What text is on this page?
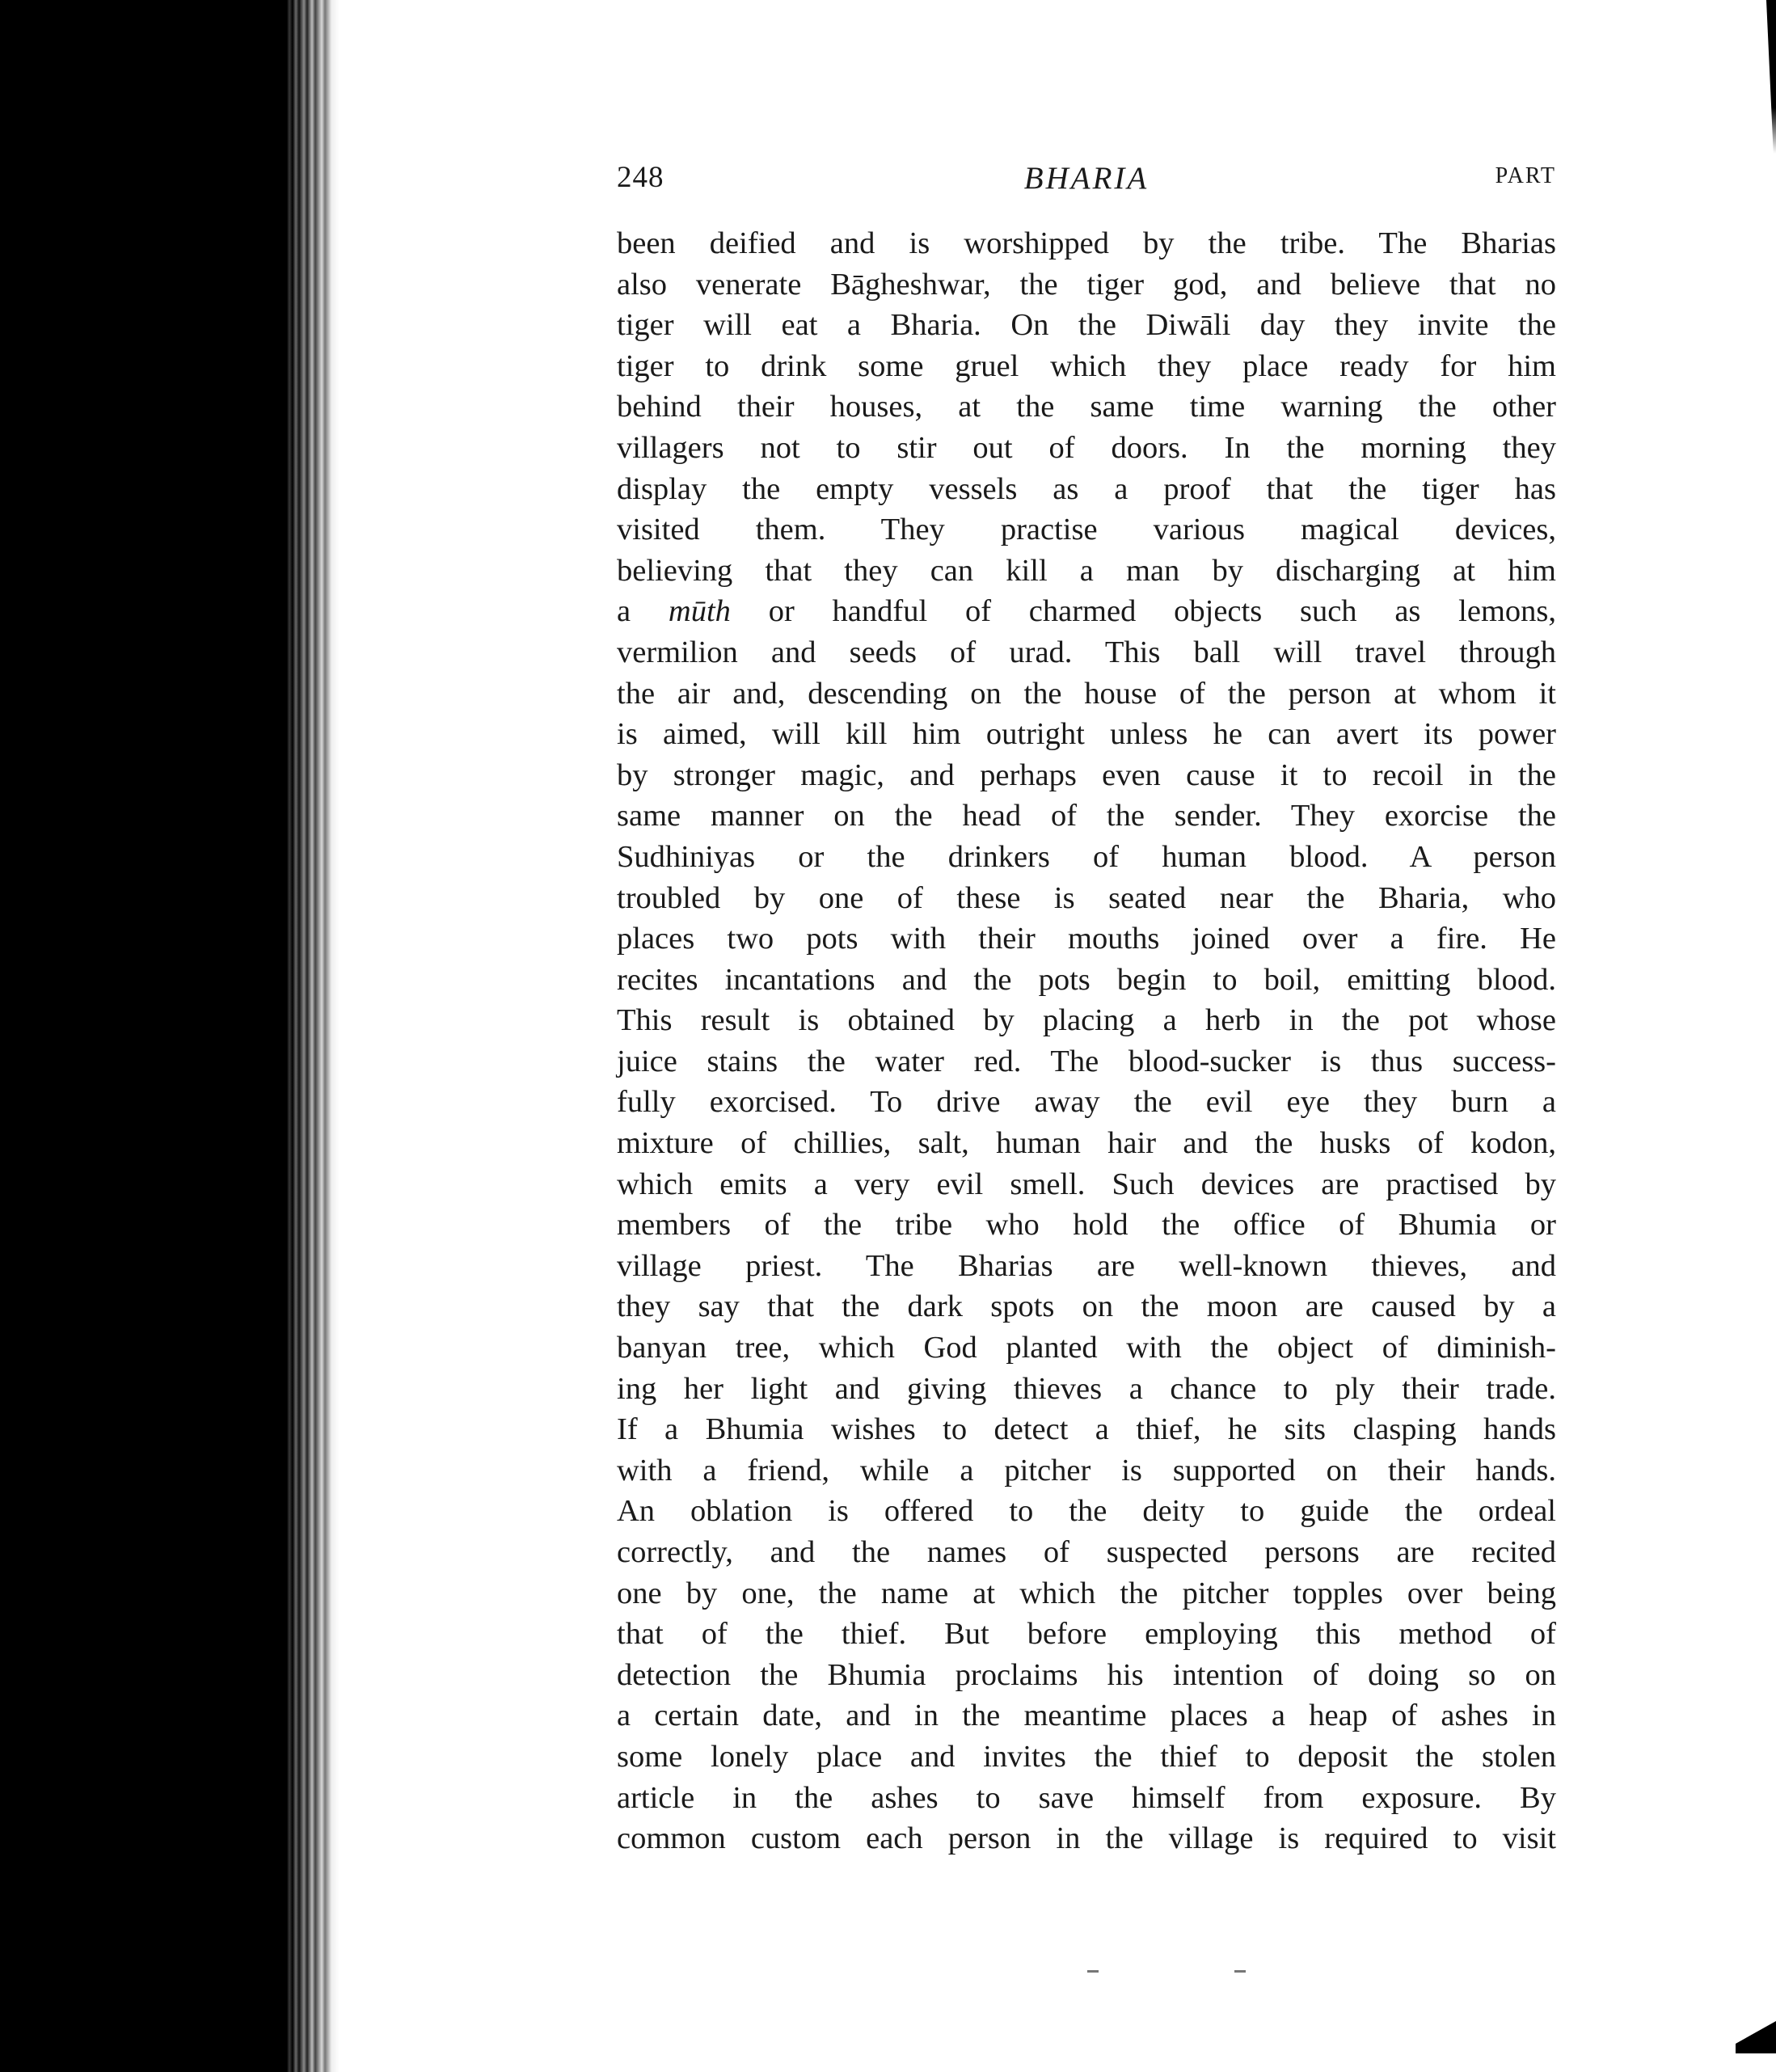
248	BHARIA	PART
been deified and is worshipped by the tribe. The Bharias
also venerate Bāgheshwar, the tiger god, and believe that no
tiger will eat a Bharia. On the Diwāli day they invite the
tiger to drink some gruel which they place ready for him
behind their houses, at the same time warning the other
villagers not to stir out of doors. In the morning they
display the empty vessels as a proof that the tiger has
visited them. They practise various magical devices,
believing that they can kill a man by discharging at him
a mūth or handful of charmed objects such as lemons,
vermilion and seeds of urad. This ball will travel through
the air and, descending on the house of the person at whom it
is aimed, will kill him outright unless he can avert its power
by stronger magic, and perhaps even cause it to recoil in the
same manner on the head of the sender. They exorcise the
Sudhiniyas or the drinkers of human blood. A person
troubled by one of these is seated near the Bharia, who
places two pots with their mouths joined over a fire. He
recites incantations and the pots begin to boil, emitting blood.
This result is obtained by placing a herb in the pot whose
juice stains the water red. The blood-sucker is thus success-
fully exorcised. To drive away the evil eye they burn a
mixture of chillies, salt, human hair and the husks of kodon,
which emits a very evil smell. Such devices are practised by
members of the tribe who hold the office of Bhumia or
village priest. The Bharias are well-known thieves, and
they say that the dark spots on the moon are caused by a
banyan tree, which God planted with the object of diminish-
ing her light and giving thieves a chance to ply their trade.
If a Bhumia wishes to detect a thief, he sits clasping hands
with a friend, while a pitcher is supported on their hands.
An oblation is offered to the deity to guide the ordeal
correctly, and the names of suspected persons are recited
one by one, the name at which the pitcher topples over being
that of the thief. But before employing this method of
detection the Bhumia proclaims his intention of doing so on
a certain date, and in the meantime places a heap of ashes in
some lonely place and invites the thief to deposit the stolen
article in the ashes to save himself from exposure. By
common custom each person in the village is required to visit
